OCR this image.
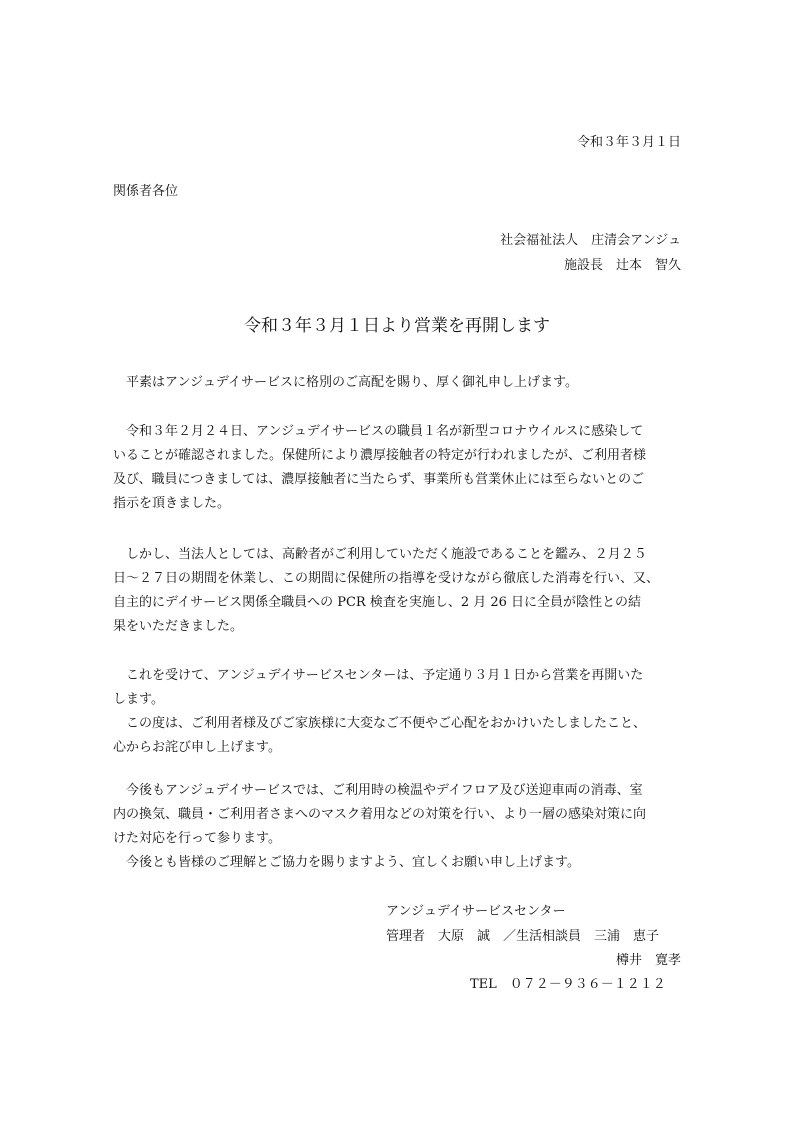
令和３年３月１日
関係者各位
社会福祉法人　庄清会アンジュ
施設長　辻本　智久
令和３年３月１日より営業を再開します
　平素はアンジュデイサービスに格別のご高配を賜り、厚く御礼申し上げます。
　令和３年２月２４日、アンジュデイサービスの職員１名が新型コロナウイルスに感染して
いることが確認されました。保健所により濃厚接触者の特定が行われましたが、ご利用者様
及び、職員につきましては、濃厚接触者に当たらず、事業所も営業休止には至らないとのご
指示を頂きました。
　しかし、当法人としては、高齢者がご利用していただく施設であることを鑑み、２月２５
日～２７日の期間を休業し、この期間に保健所の指導を受けながら徹底した消毒を行い、又、
自主的にデイサービス関係全職員への PCR 検査を実施し、2 月 26 日に全員が陰性との結
果をいただきました。
　これを受けて、アンジュデイサービスセンターは、予定通り３月１日から営業を再開いた
します。
　この度は、ご利用者様及びご家族様に大変なご不便やご心配をおかけいたしましたこと、
心からお詫び申し上げます。
　今後もアンジュデイサービスでは、ご利用時の検温やデイフロア及び送迎車両の消毒、室
内の換気、職員・ご利用者さまへのマスク着用などの対策を行い、より一層の感染対策に向
けた対応を行って参ります。
　今後とも皆様のご理解とご協力を賜りますよう、宜しくお願い申し上げます。
アンジュデイサービスセンター
管理者　大原　誠　／生活相談員　三浦　恵子
樽井　寛孝
TEL　０７２－９３６－１２１２
